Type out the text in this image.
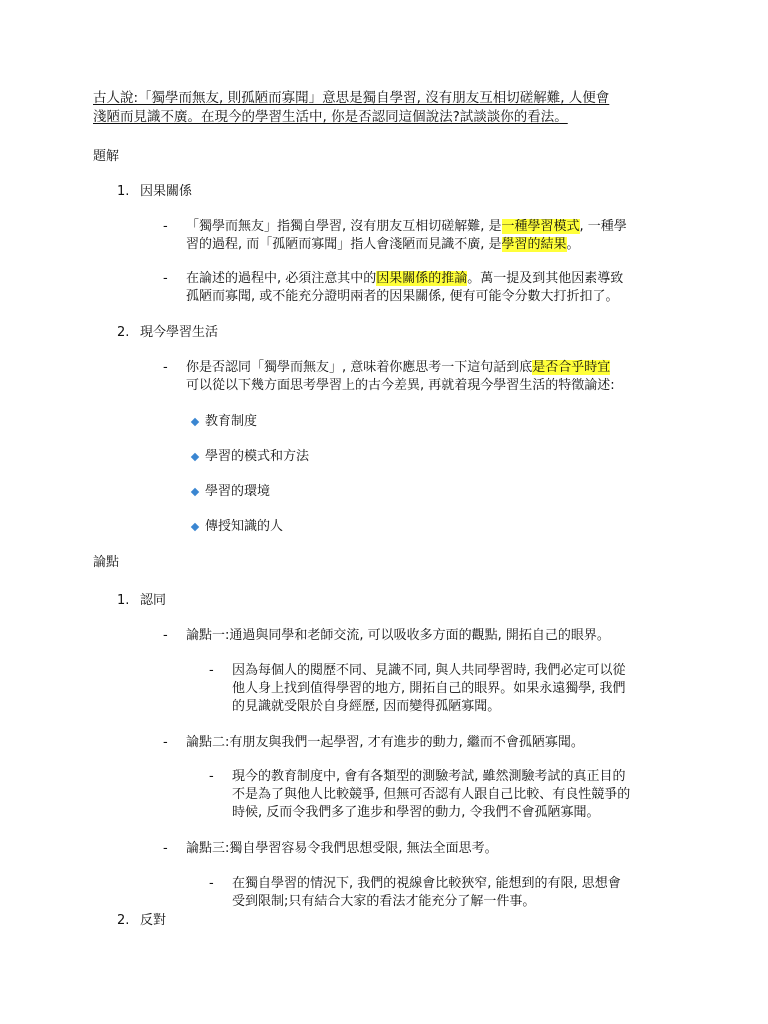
古人說:「獨學而無友, 則孤陋而寡聞」意思是獨自學習, 沒有朋友互相切磋解難, 人便會
淺陋而見識不廣。在現今的學習生活中, 你是否認同這個說法?試談談你的看法。
題解
1. 因果關係
- 「獨學而無友」指獨自學習, 沒有朋友互相切磋解難, 是一種學習模式, 一種學
習的過程, 而「孤陋而寡聞」指人會淺陋而見識不廣, 是學習的結果。
- 在論述的過程中, 必須注意其中的因果關係的推論。萬一提及到其他因素導致
孤陋而寡聞, 或不能充分證明兩者的因果關係, 便有可能令分數大打折扣了。
2. 現今學習生活
- 你是否認同「獨學而無友」, 意味着你應思考一下這句話到底是否合乎時宜
可以從以下幾方面思考學習上的古今差異, 再就着現今學習生活的特徵論述:
教育制度
學習的模式和方法
學習的環境
傳授知識的人
論點
1. 認同
- 論點一:通過與同學和老師交流, 可以吸收多方面的觀點, 開拓自己的眼界。
- 因為每個人的閱歷不同、見識不同, 與人共同學習時, 我們必定可以從
他人身上找到值得學習的地方, 開拓自己的眼界。如果永遠獨學, 我們
的見識就受限於自身經歷, 因而變得孤陋寡聞。
- 論點二:有朋友與我們一起學習, 才有進步的動力, 繼而不會孤陋寡聞。
- 現今的教育制度中, 會有各類型的測驗考試, 雖然測驗考試的真正目的
不是為了與他人比較競爭, 但無可否認有人跟自己比較、有良性競爭的
時候, 反而令我們多了進步和學習的動力, 令我們不會孤陋寡聞。
- 論點三:獨自學習容易令我們思想受限, 無法全面思考。
- 在獨自學習的情況下, 我們的視線會比較狹窄, 能想到的有限, 思想會
受到限制;只有結合大家的看法才能充分了解一件事。
2. 反對
